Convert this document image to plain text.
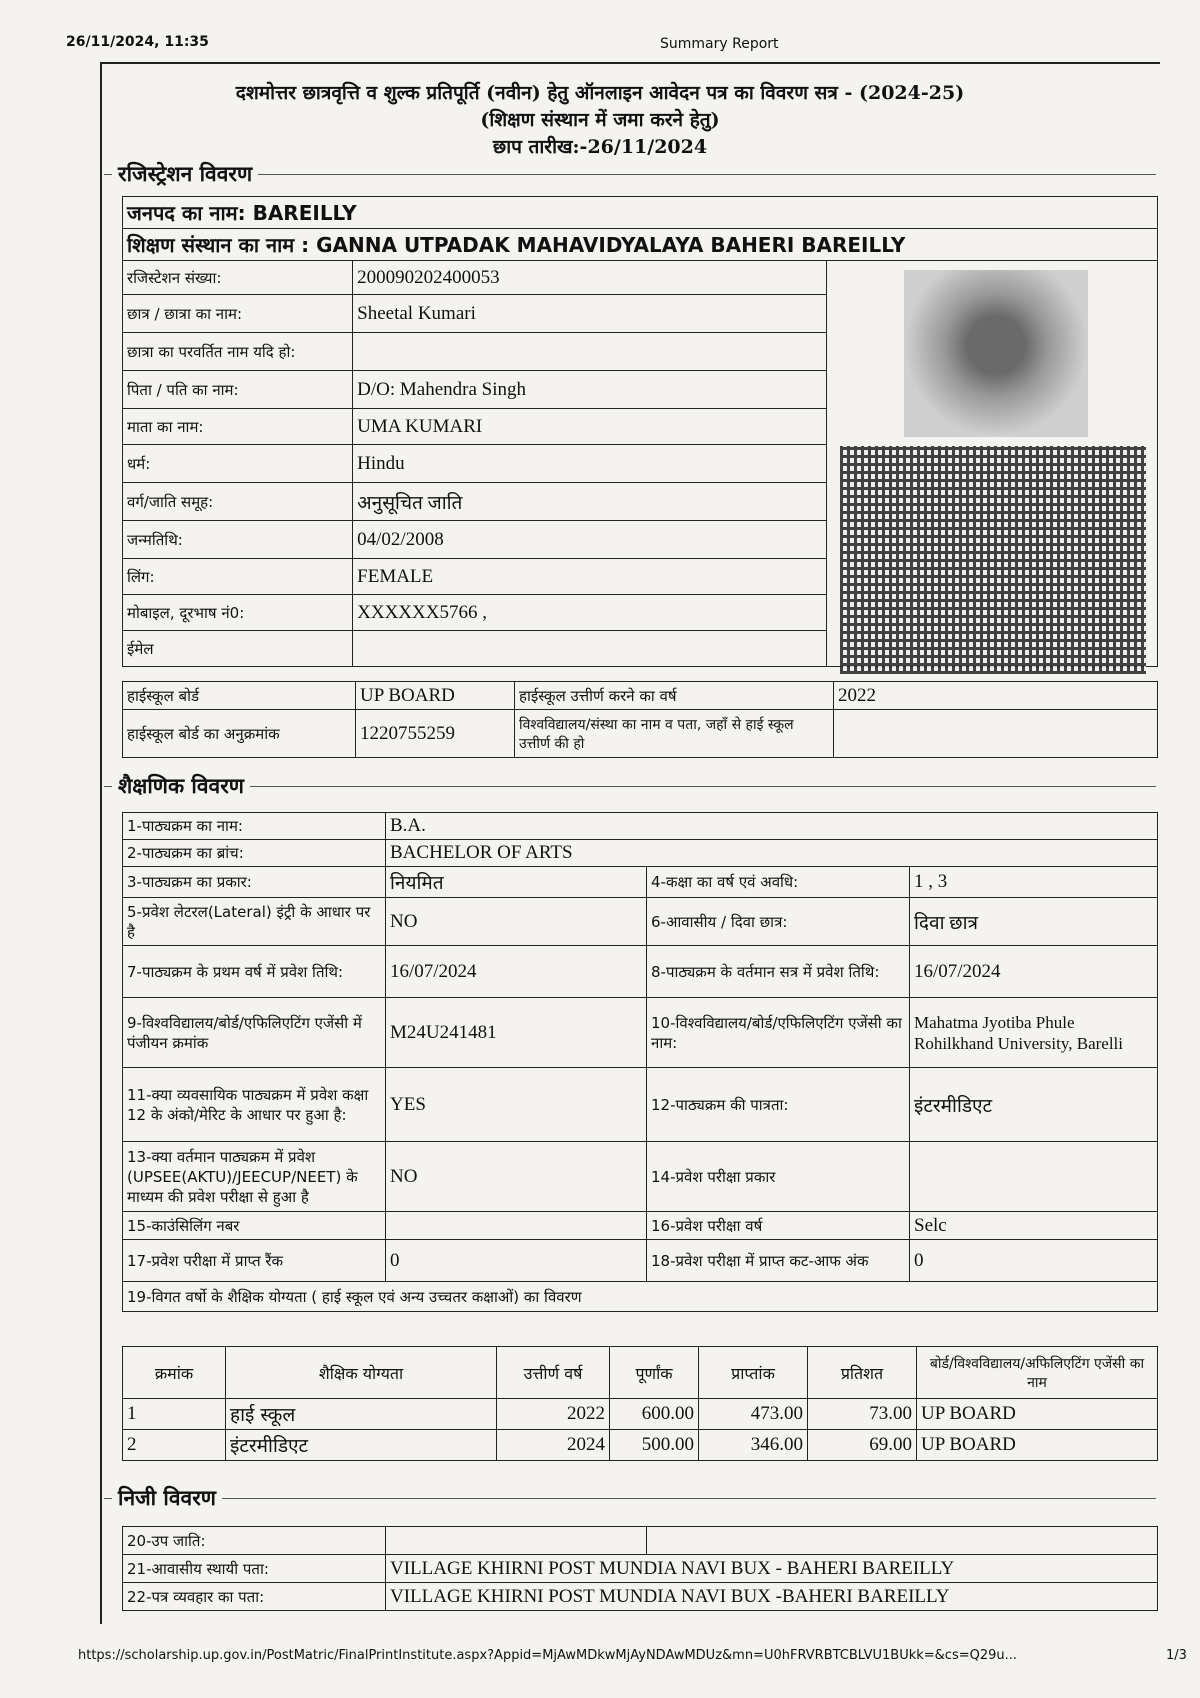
26/11/2024, 11:35	Summary Report
दशमोत्तर छात्रवृत्ति व शुल्क प्रतिपूर्ति (नवीन) हेतु ऑनलाइन आवेदन पत्र का विवरण सत्र - (2024-25)
(शिक्षण संस्थान में जमा करने हेतु)
छाप तारीख:-26/11/2024
रजिस्ट्रेशन विवरण
जनपद का नाम: BAREILLY		
शिक्षण संस्थान का नाम : GANNA UTPADAK MAHAVIDYALAYA BAHERI BAREILLY		
रजिस्टेशन संख्या:	200090202400053	
छात्र / छात्रा का नाम:	Sheetal Kumari	
छात्रा का परवर्तित नाम यदि हो:		
पिता / पति का नाम:	D/O: Mahendra Singh	
माता का नाम:	UMA KUMARI	
धर्म:	Hindu	
वर्ग/जाति समूह:	अनुसूचित जाति	
जन्मतिथि:	04/02/2008	
लिंग:	FEMALE	
मोबाइल, दूरभाष नं0:	XXXXXX5766 ,	
ईमेल		
हाईस्कूल बोर्ड	UP BOARD	हाईस्कूल उत्तीर्ण करने का वर्ष	2022
हाईस्कूल बोर्ड का अनुक्रमांक	1220755259	विश्वविद्यालय/संस्था का नाम व पता, जहाँ से हाई स्कूल उत्तीर्ण की हो	
शैक्षणिक विवरण
1-पाठ्यक्रम का नाम:	B.A.		
2-पाठ्यक्रम का ब्रांच:	BACHELOR OF ARTS		
3-पाठ्यक्रम का प्रकार:	नियमित	4-कक्षा का वर्ष एवं अवधि:	1 , 3
5-प्रवेश लेटरल(Lateral) इंट्री के आधार पर है	NO	6-आवासीय / दिवा छात्र:	दिवा छात्र
7-पाठ्यक्रम के प्रथम वर्ष में प्रवेश तिथि:	16/07/2024	8-पाठ्यक्रम के वर्तमान सत्र में प्रवेश तिथि:	16/07/2024
9-विश्वविद्यालय/बोर्ड/एफिलिएटिंग एजेंसी में पंजीयन क्रमांक	M24U241481	10-विश्वविद्यालय/बोर्ड/एफिलिएटिंग एजेंसी का नाम:	Mahatma Jyotiba Phule Rohilkhand University, Barelli
11-क्या व्यवसायिक पाठ्यक्रम में प्रवेश कक्षा 12 के अंको/मेरिट के आधार पर हुआ है:	YES	12-पाठ्यक्रम की पात्रता:	इंटरमीडिएट
13-क्या वर्तमान पाठ्यक्रम में प्रवेश (UPSEE(AKTU)/JEECUP/NEET) के माध्यम की प्रवेश परीक्षा से हुआ है	NO	14-प्रवेश परीक्षा प्रकार	
15-काउंसिलिंग नबर		16-प्रवेश परीक्षा वर्ष	Selc
17-प्रवेश परीक्षा में प्राप्त रैंक	0	18-प्रवेश परीक्षा में प्राप्त कट-आफ अंक	0
19-विगत वर्षो के शैक्षिक योग्यता ( हाई स्कूल एवं अन्य उच्चतर कक्षाओं) का विवरण			
क्रमांक	शैक्षिक योग्यता	उत्तीर्ण वर्ष	पूर्णांक	प्राप्तांक	प्रतिशत	बोर्ड/विश्वविद्यालय/अफिलिएटिंग एजेंसी का नाम
1	हाई स्कूल	2022	600.00	473.00	73.00	UP BOARD
2	इंटरमीडिएट	2024	500.00	346.00	69.00	UP BOARD
निजी विवरण
20-उप जाति:		
21-आवासीय स्थायी पता:	VILLAGE KHIRNI POST MUNDIA NAVI BUX - BAHERI BAREILLY	
22-पत्र व्यवहार का पता:	VILLAGE KHIRNI POST MUNDIA NAVI BUX -BAHERI BAREILLY	
https://scholarship.up.gov.in/PostMatric/FinalPrintInstitute.aspx?Appid=MjAwMDkwMjAyNDAwMDUz&mn=U0hFRVRBTCBLVU1BUkk=&cs=Q29u...	1/3
